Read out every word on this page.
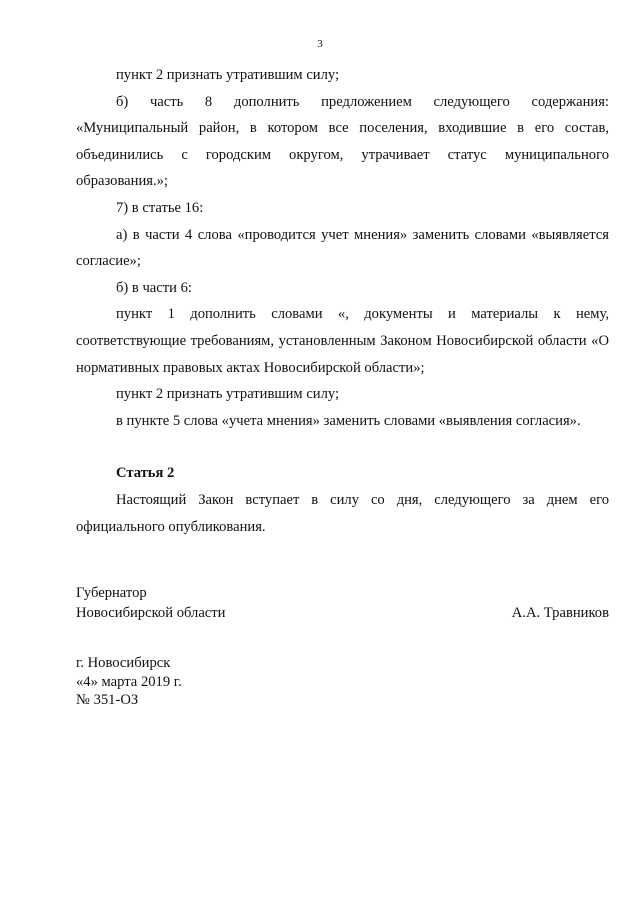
3

пункт 2 признать утратившим силу;

б) часть 8 дополнить предложением следующего содержания:

«Муниципальный район, в котором все поселения, входившие в его состав, объединились с городским округом, утрачивает статус муниципального образования.»;

7) в статье 16:

а) в части 4 слова «проводится учет мнения» заменить словами «выявляется согласие»;

б) в части 6:

пункт 1 дополнить словами «, документы и материалы к нему, соответствующие требованиям, установленным Законом Новосибирской области «О нормативных правовых актах Новосибирской области»;

пункт 2 признать утратившим силу;

в пункте 5 слова «учета мнения» заменить словами «выявления согласия».

Статья 2

Настоящий Закон вступает в силу со дня, следующего за днем его официального опубликования.

Губернатор
Новосибирской области	А.А. Травников
г. Новосибирск
«4» марта 2019 г.
№ 351-ОЗ
